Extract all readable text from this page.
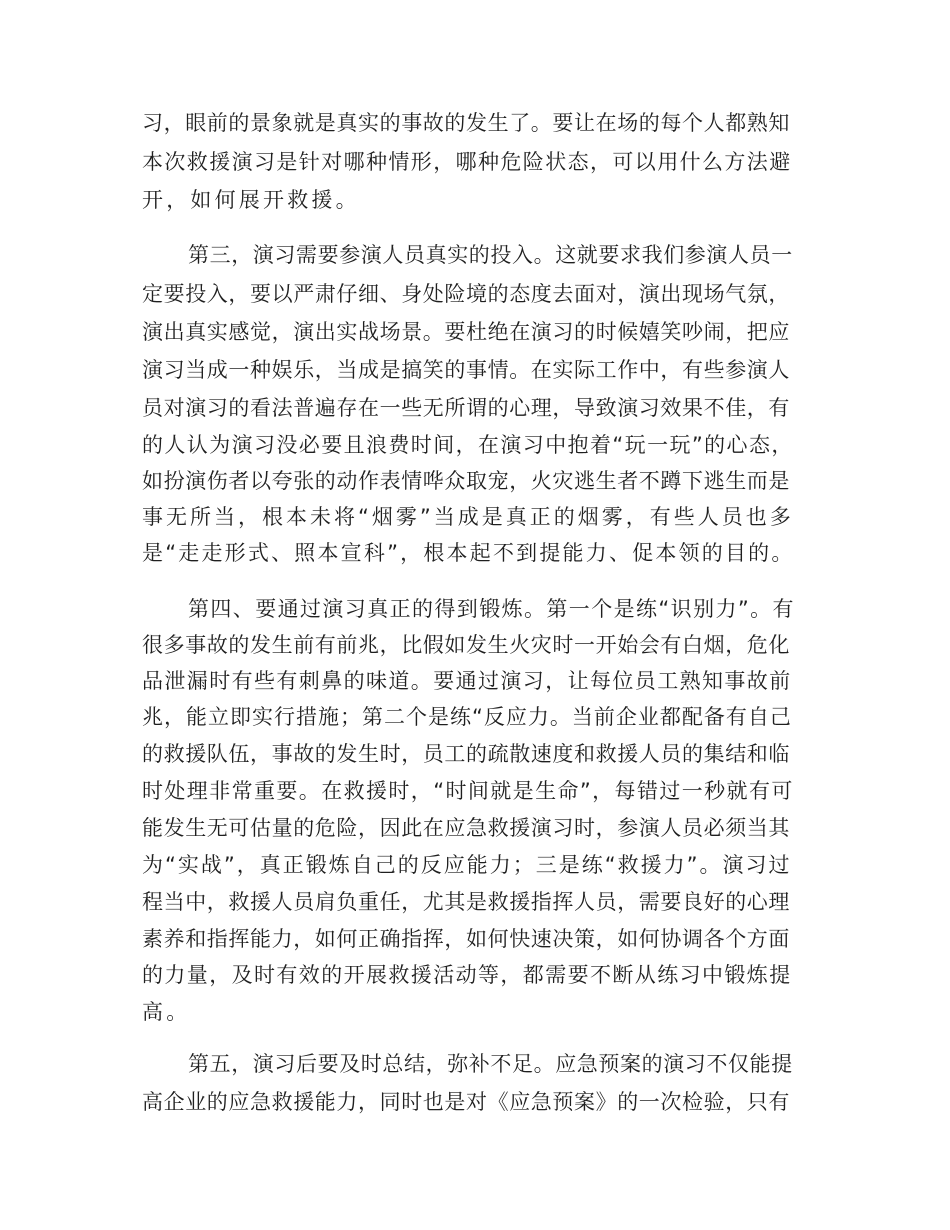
习，眼前的景象就是真实的事故的发生了。要让在场的每个人都熟知
本次救援演习是针对哪种情形，哪种危险状态，可以用什么方法避
开，如何展开救援。
第三，演习需要参演人员真实的投入。这就要求我们参演人员一
定要投入，要以严肃仔细、身处险境的态度去面对，演出现场气氛，
演出真实感觉，演出实战场景。要杜绝在演习的时候嬉笑吵闹，把应
演习当成一种娱乐，当成是搞笑的事情。在实际工作中，有些参演人
员对演习的看法普遍存在一些无所谓的心理，导致演习效果不佳，有
的人认为演习没必要且浪费时间，在演习中抱着“玩一玩”的心态，
如扮演伤者以夸张的动作表情哗众取宠，火灾逃生者不蹲下逃生而是
事无所当，根本未将“烟雾”当成是真正的烟雾，有些人员也多
是“走走形式、照本宣科”，根本起不到提能力、促本领的目的。
第四、要通过演习真正的得到锻炼。第一个是练“识别力”。有
很多事故的发生前有前兆，比假如发生火灾时一开始会有白烟，危化
品泄漏时有些有刺鼻的味道。要通过演习，让每位员工熟知事故前
兆，能立即实行措施；第二个是练“反应力。当前企业都配备有自己
的救援队伍，事故的发生时，员工的疏散速度和救援人员的集结和临
时处理非常重要。在救援时，“时间就是生命”，每错过一秒就有可
能发生无可估量的危险，因此在应急救援演习时，参演人员必须当其
为“实战”，真正锻炼自己的反应能力；三是练“救援力”。演习过
程当中，救援人员肩负重任，尤其是救援指挥人员，需要良好的心理
素养和指挥能力，如何正确指挥，如何快速决策，如何协调各个方面
的力量，及时有效的开展救援活动等，都需要不断从练习中锻炼提
高。
第五，演习后要及时总结，弥补不足。应急预案的演习不仅能提
高企业的应急救援能力，同时也是对《应急预案》的一次检验，只有
